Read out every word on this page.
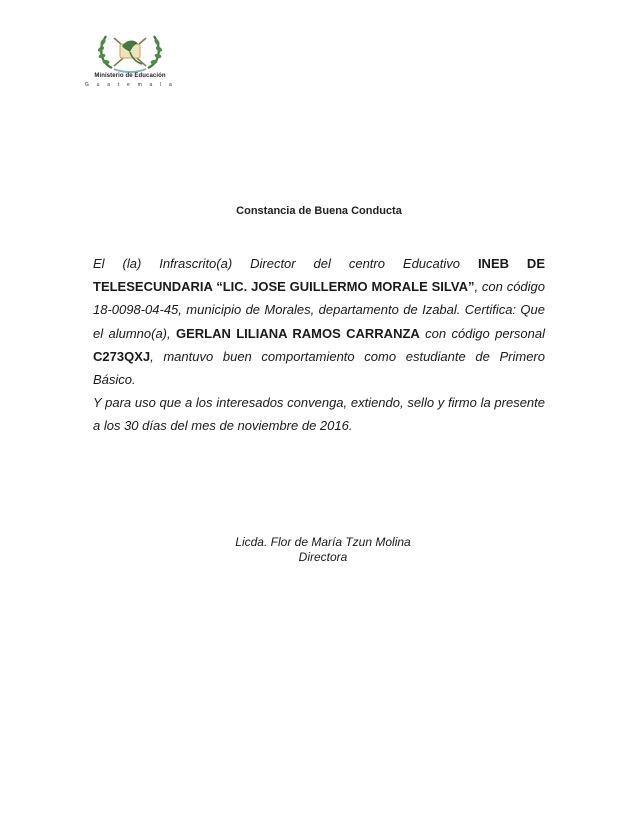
Ministerio de Educación
G u a t e m a l a
Constancia de Buena Conducta

El (la) Infrascrito(a) Director del centro Educativo INEB DE TELESECUNDARIA “LIC. JOSE GUILLERMO MORALE SILVA”, con código 18-0098-04-45, municipio de Morales, departamento de Izabal. Certifica: Que el alumno(a), GERLAN LILIANA RAMOS CARRANZA con código personal C273QXJ, mantuvo buen comportamiento como estudiante de Primero Básico.

Y para uso que a los interesados convenga, extiendo, sello y firmo la presente a los 30 días del mes de noviembre de 2016.

Licda. Flor de María Tzun Molina
Directora
